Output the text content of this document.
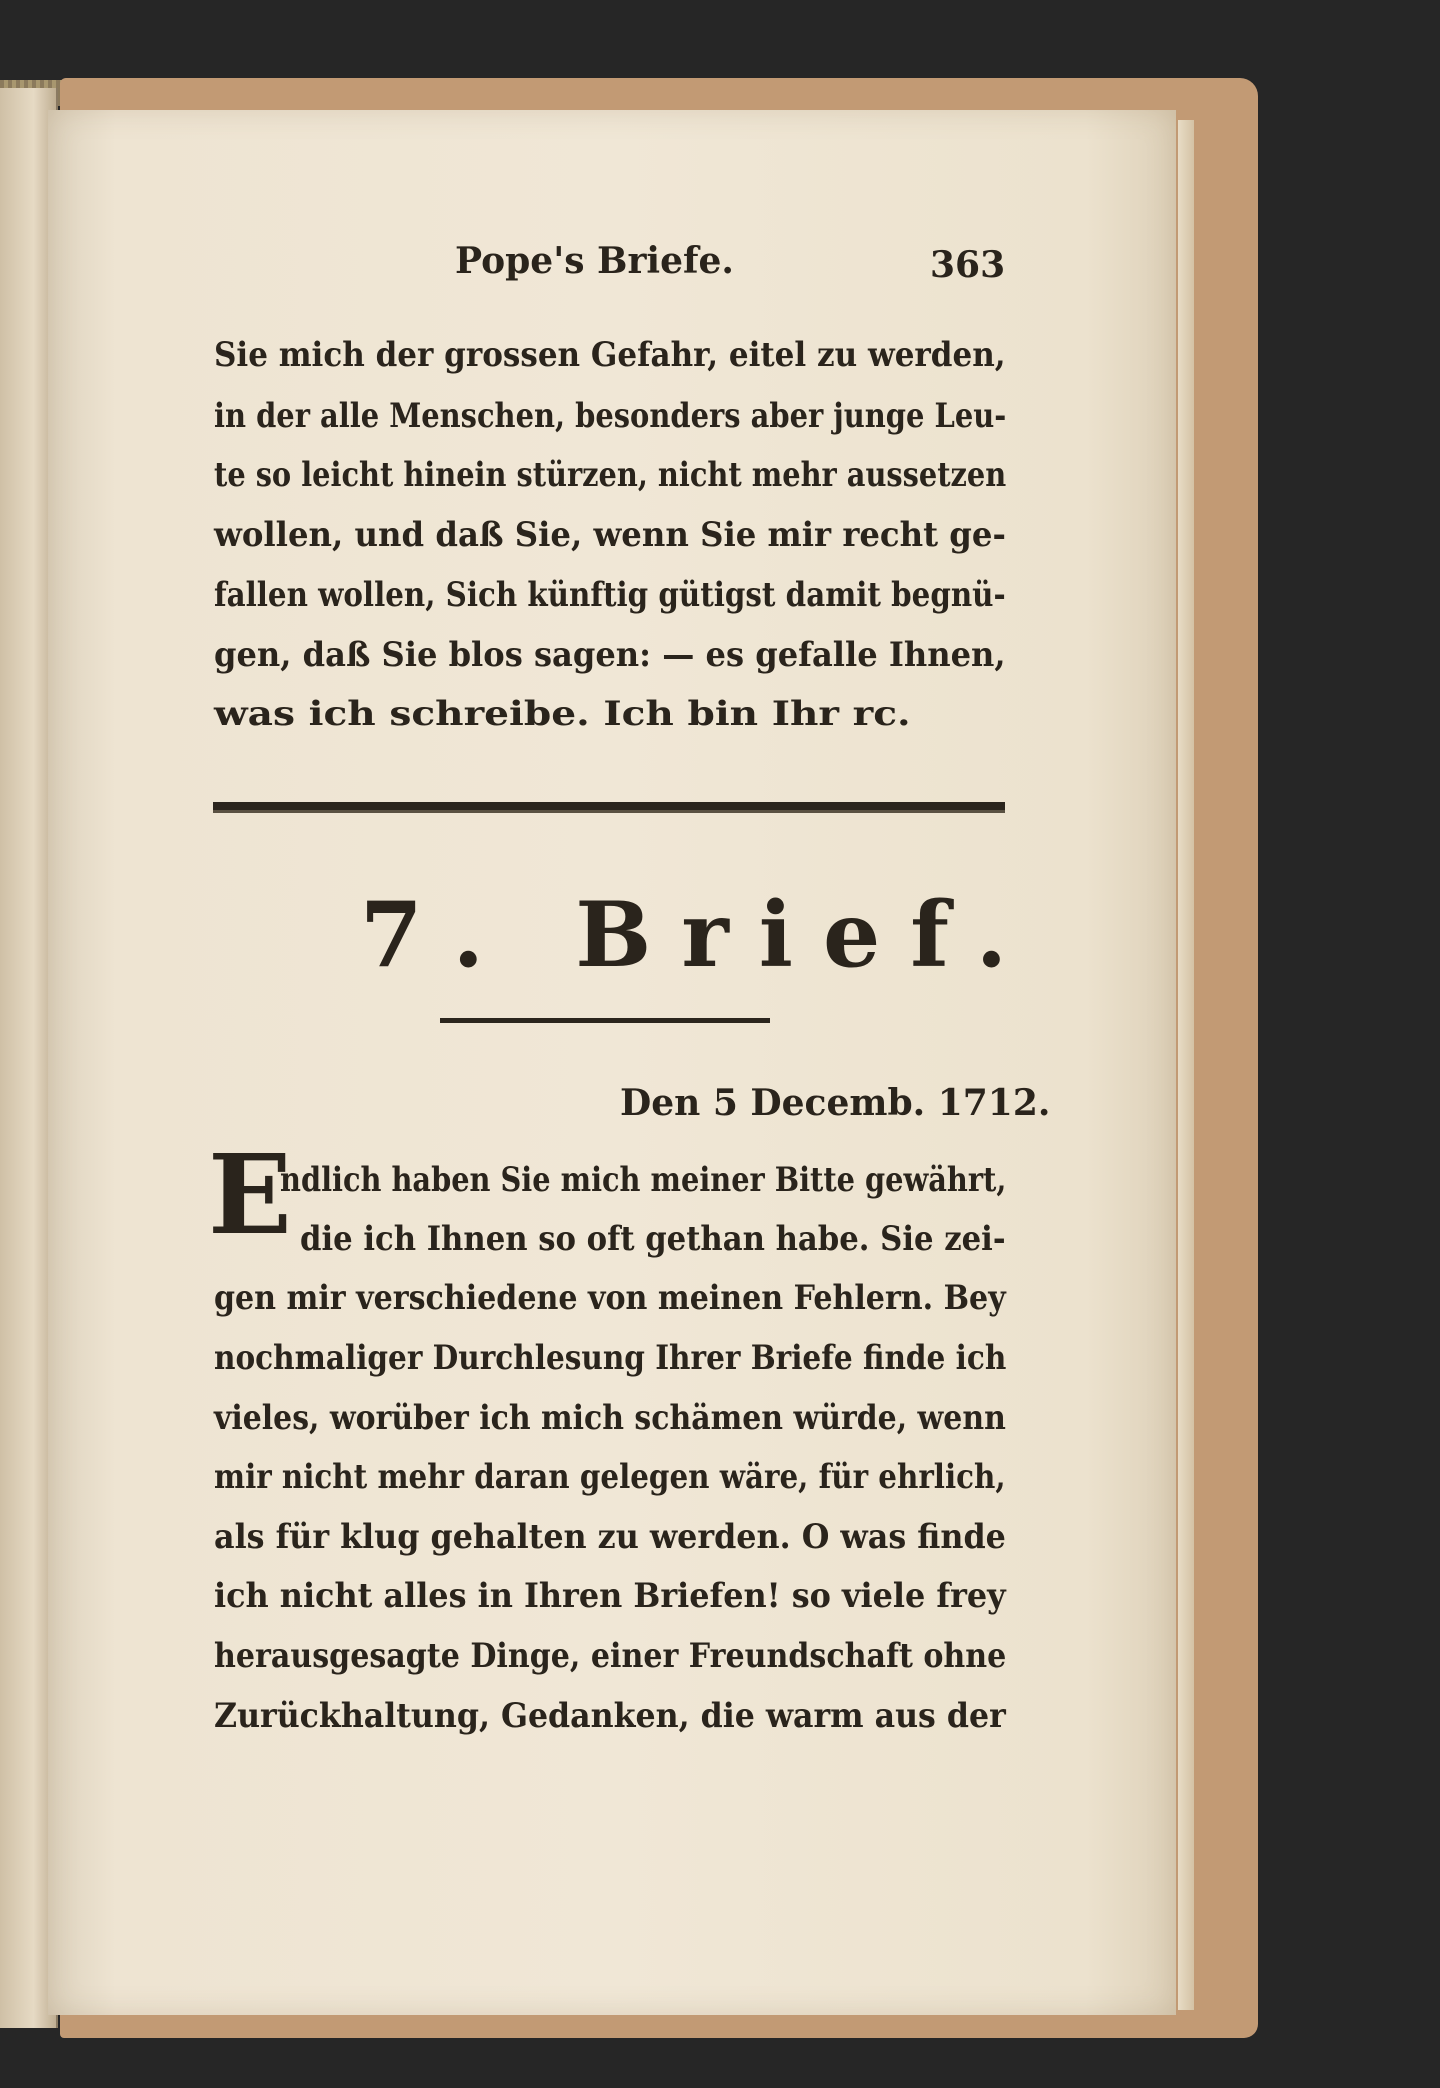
Pope's Briefe.	363
Sie mich der grossen Gefahr, eitel zu werden,
in der alle Menschen, besonders aber junge Leu-
te so leicht hinein stürzen, nicht mehr aussetzen
wollen, und daß Sie, wenn Sie mir recht ge-
fallen wollen, Sich künftig gütigst damit begnü-
gen, daß Sie blos sagen: — es gefalle Ihnen,
was ich schreibe. Ich bin Ihr rc.
7. Brief.
Den 5 Decemb. 1712.
E
ndlich haben Sie mich meiner Bitte gewährt,
die ich Ihnen so oft gethan habe. Sie zei-
gen mir verschiedene von meinen Fehlern. Bey
nochmaliger Durchlesung Ihrer Briefe finde ich
vieles, worüber ich mich schämen würde, wenn
mir nicht mehr daran gelegen wäre, für ehrlich,
als für klug gehalten zu werden. O was finde
ich nicht alles in Ihren Briefen! so viele frey
herausgesagte Dinge, einer Freundschaft ohne
Zurückhaltung, Gedanken, die warm aus der
